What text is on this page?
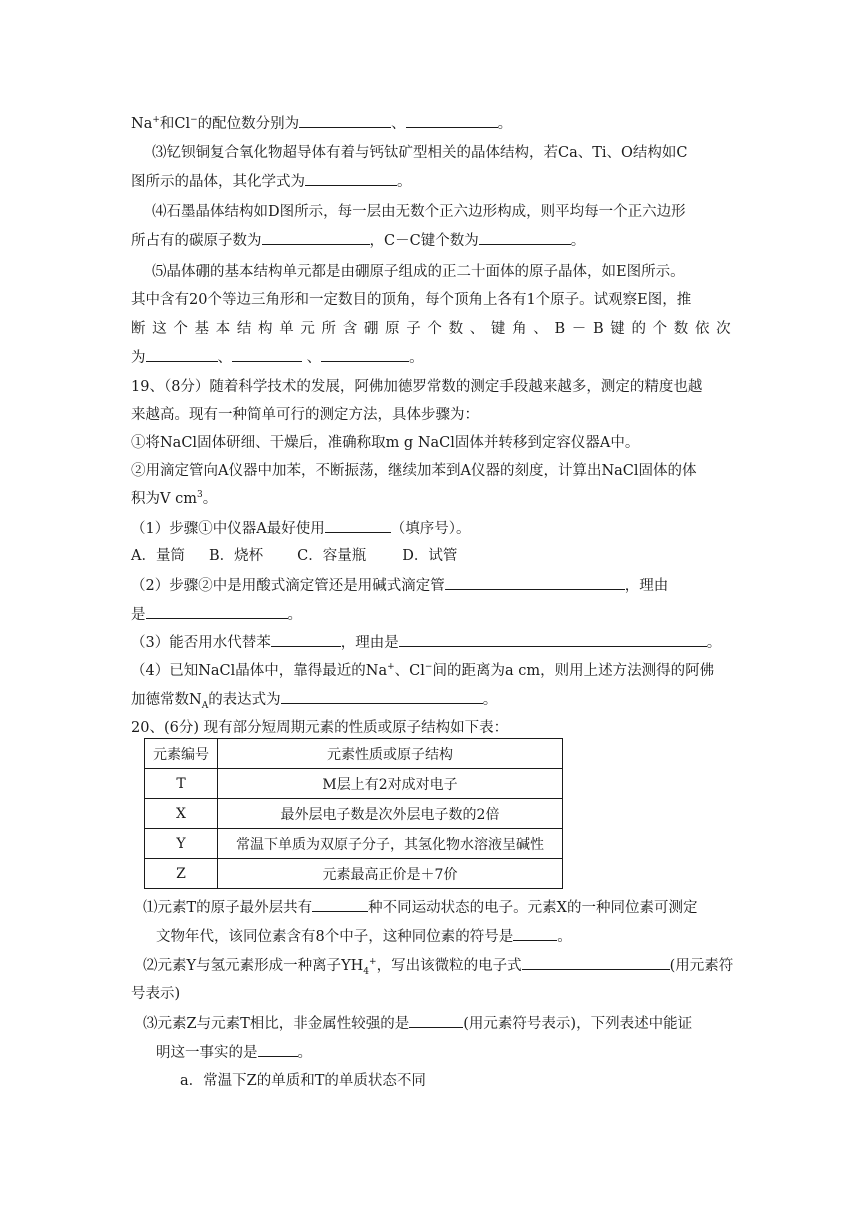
Na+和Cl−的配位数分别为	、	。
⑶钇钡铜复合氧化物超导体有着与钙钛矿型相关的晶体结构，若Ca、Ti、O结构如C
图所示的晶体，其化学式为	。
⑷石墨晶体结构如D图所示，每一层由无数个正六边形构成，则平均每一个正六边形
所占有的碳原子数为	，C－C键个数为	。
⑸晶体硼的基本结构单元都是由硼原子组成的正二十面体的原子晶体，如E图所示。
其中含有20个等边三角形和一定数目的顶角，每个顶角上各有1个原子。试观察E图，推
断 这 个 基 本 结 构 单 元 所 含 硼 原 子 个 数 、 键 角 、 B － B 键 的 个 数 依 次
为	、	、	。
19、（8分）随着科学技术的发展，阿佛加德罗常数的测定手段越来越多，测定的精度也越
来越高。现有一种简单可行的测定方法，具体步骤为：
①将NaCl固体研细、干燥后，准确称取m g NaCl固体并转移到定容仪器A中。
②用滴定管向A仪器中加苯，不断振荡，继续加苯到A仪器的刻度，计算出NaCl固体的体
积为V $cm^3$。
（1）步骤①中仪器A最好使用	（填序号）。
A．量筒 B．烧杯 C．容量瓶 D．试管
（2）步骤②中是用酸式滴定管还是用碱式滴定管	，理由
是	。
（3）能否用水代替苯	，理由是	。
（4）已知NaCl晶体中，靠得最近的Na+、Cl−间的距离为a cm，则用上述方法测得的阿佛
加德常数$N_A$的表达式为	。
20、(6分) 现有部分短周期元素的性质或原子结构如下表：
元素编号	元素性质或原子结构
T	M层上有2对成对电子
X	最外层电子数是次外层电子数的2倍
Y	常温下单质为双原子分子，其氢化物水溶液呈碱性
Z	元素最高正价是＋7价
⑴元素T的原子最外层共有	种不同运动状态的电子。元素X的一种同位素可测定
文物年代，该同位素含有8个中子，这种同位素的符号是	。
⑵元素Y与氢元素形成一种离子$YH_4^+$，写出该微粒的电子式	(用元素符
号表示)
⑶元素Z与元素T相比，非金属性较强的是	(用元素符号表示)，下列表述中能证
明这一事实的是	。
a．常温下Z的单质和T的单质状态不同
